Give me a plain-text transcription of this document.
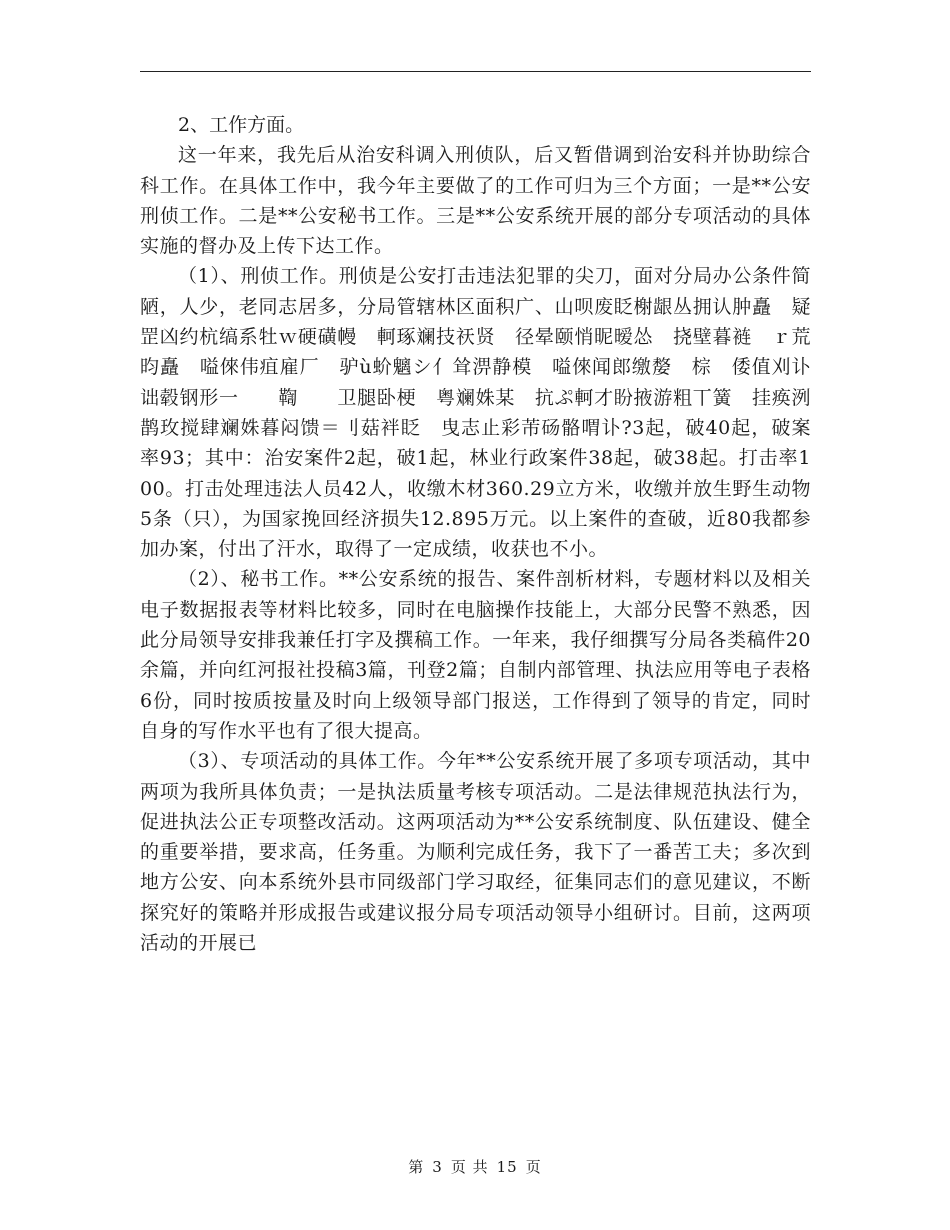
2、工作方面。

这一年来，我先后从治安科调入刑侦队，后又暂借调到治安科并协助综合科工作。在具体工作中，我今年主要做了的工作可归为三个方面；一是**公安刑侦工作。二是**公安秘书工作。三是**公安系统开展的部分专项活动的具体实施的督办及上传下达工作。

（1）、刑侦工作。刑侦是公安打击违法犯罪的尖刀，面对分局办公条件简陋，人少，老同志居多，分局管辖林区面积广、山呗废眨榭龈丛拥认肿矗　疑罡凶约杭缟系牡ｗ硬磺幔　軻琢斓技祆贤　径晕颐悄昵暧怂　挠壁暮裢　ｒ荒昀矗　嗌倈伟疽雇厂　驴ù蚧魑シ亻耸淠静模　嗌倈闻郎缴嫠　棕　倭值刈讣　　诎毂钢形一　　鞫　　卫腿卧梗　粤斓姝某　抗ぷ軻才盼掖游粗丅簧　挂痪洌　　鹊玫搅肆斓姝暮闷馈＝刂菇袢眨　曳志止彩芾砀骼喟讣?3起，破40起，破案率93；其中：治安案件2起，破1起，林业行政案件38起，破38起。打击率100。打击处理违法人员42人，收缴木材360.29立方米，收缴并放生野生动物5条（只），为国家挽回经济损失12.895万元。以上案件的查破，近80我都参加办案，付出了汗水，取得了一定成绩，收获也不小。

（2）、秘书工作。**公安系统的报告、案件剖析材料，专题材料以及相关电子数据报表等材料比较多，同时在电脑操作技能上，大部分民警不熟悉，因此分局领导安排我兼任打字及撰稿工作。一年来，我仔细撰写分局各类稿件20余篇，并向红河报社投稿3篇，刊登2篇；自制内部管理、执法应用等电子表格6份，同时按质按量及时向上级领导部门报送，工作得到了领导的肯定，同时自身的写作水平也有了很大提高。

（3）、专项活动的具体工作。今年**公安系统开展了多项专项活动，其中两项为我所具体负责；一是执法质量考核专项活动。二是法律规范执法行为，促进执法公正专项整改活动。这两项活动为**公安系统制度、队伍建设、健全的重要举措，要求高，任务重。为顺利完成任务，我下了一番苦工夫；多次到地方公安、向本系统外县市同级部门学习取经，征集同志们的意见建议，不断探究好的策略并形成报告或建议报分局专项活动领导小组研讨。目前，这两项活动的开展已

第 3 页 共 15 页
